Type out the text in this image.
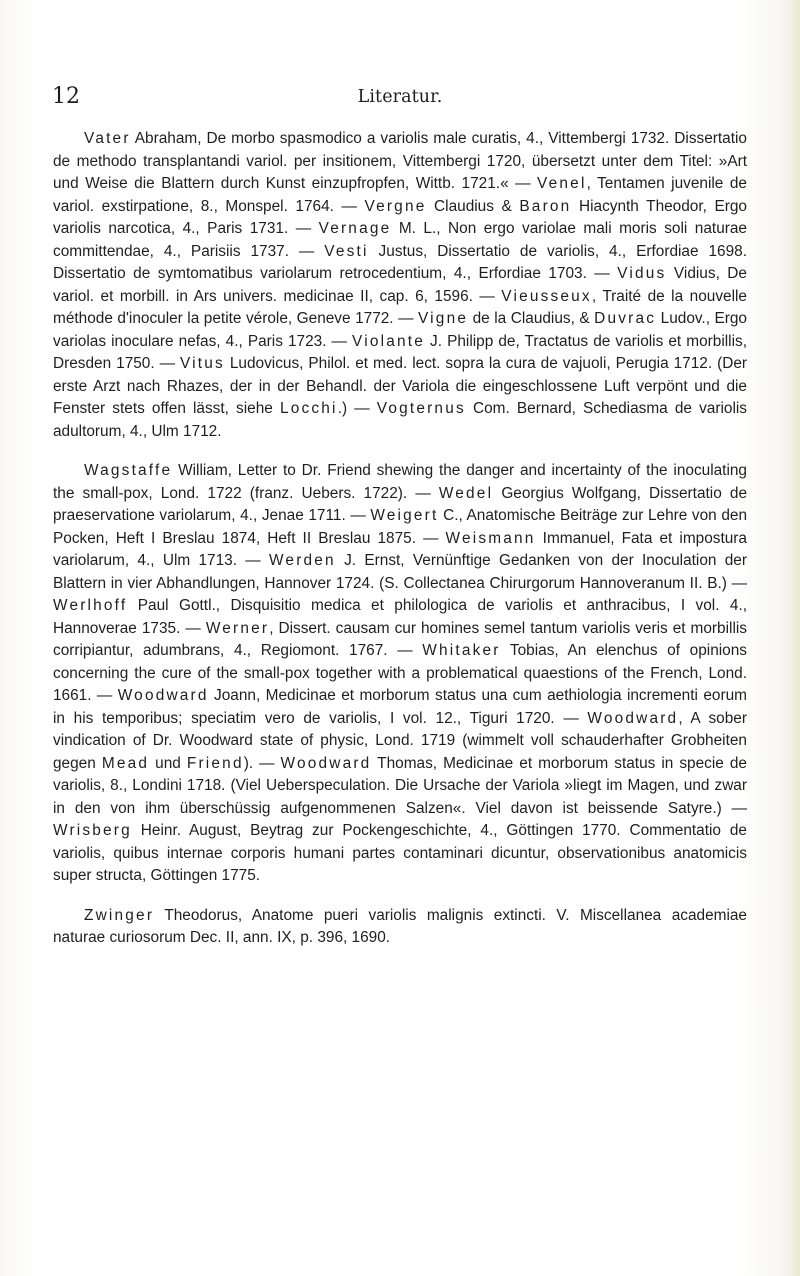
12	Literatur.

Vater Abraham, De morbo spasmodico a variolis male curatis, 4., Vittembergi 1732. Dissertatio de methodo transplantandi variol. per insitionem, Vittembergi 1720, übersetzt unter dem Titel: »Art und Weise die Blattern durch Kunst einzupfropfen, Wittb. 1721.« — Venel, Tentamen juvenile de variol. exstirpatione, 8., Monspel. 1764. — Vergne Claudius & Baron Hiacynth Theodor, Ergo variolis narcotica, 4., Paris 1731. — Vernage M. L., Non ergo variolae mali moris soli naturae committendae, 4., Parisiis 1737. — Vesti Justus, Dissertatio de variolis, 4., Erfordiae 1698. Dissertatio de symtomatibus variolarum retrocedentium, 4., Erfordiae 1703. — Vidus Vidius, De variol. et morbill. in Ars univers. medicinae II, cap. 6, 1596. — Vieusseux, Traité de la nouvelle méthode d'inoculer la petite vérole, Geneve 1772. — Vigne de la Claudius, & Duvrac Ludov., Ergo variolas inoculare nefas, 4., Paris 1723. — Violante J. Philipp de, Tractatus de variolis et morbillis, Dresden 1750. — Vitus Ludovicus, Philol. et med. lect. sopra la cura de vajuoli, Perugia 1712. (Der erste Arzt nach Rhazes, der in der Behandl. der Variola die eingeschlossene Luft verpönt und die Fenster stets offen lässt, siehe Locchi.) — Vogternus Com. Bernard, Schediasma de variolis adultorum, 4., Ulm 1712.

Wagstaffe William, Letter to Dr. Friend shewing the danger and incertainty of the inoculating the small-pox, Lond. 1722 (franz. Uebers. 1722). — Wedel Georgius Wolfgang, Dissertatio de praeservatione variolarum, 4., Jenae 1711. — Weigert C., Anatomische Beiträge zur Lehre von den Pocken, Heft I Breslau 1874, Heft II Breslau 1875. — Weismann Immanuel, Fata et impostura variolarum, 4., Ulm 1713. — Werden J. Ernst, Vernünftige Gedanken von der Inoculation der Blattern in vier Abhandlungen, Hannover 1724. (S. Collectanea Chirurgorum Hannoveranum II. B.) — Werlhoff Paul Gottl., Disquisitio medica et philologica de variolis et anthracibus, I vol. 4., Hannoverae 1735. — Werner, Dissert. causam cur homines semel tantum variolis veris et morbillis corripiantur, adumbrans, 4., Regiomont. 1767. — Whitaker Tobias, An elenchus of opinions concerning the cure of the small-pox together with a problematical quaestions of the French, Lond. 1661. — Woodward Joann, Medicinae et morborum status una cum aethiologia incrementi eorum in his temporibus; speciatim vero de variolis, I vol. 12., Tiguri 1720. — Woodward, A sober vindication of Dr. Woodward state of physic, Lond. 1719 (wimmelt voll schauderhafter Grobheiten gegen Mead und Friend). — Woodward Thomas, Medicinae et morborum status in specie de variolis, 8., Londini 1718. (Viel Ueberspeculation. Die Ursache der Variola »liegt im Magen, und zwar in den von ihm überschüssig aufgenommenen Salzen«. Viel davon ist beissende Satyre.) — Wrisberg Heinr. August, Beytrag zur Pockengeschichte, 4., Göttingen 1770. Commentatio de variolis, quibus internae corporis humani partes contaminari dicuntur, observationibus anatomicis super structa, Göttingen 1775.

Zwinger Theodorus, Anatome pueri variolis malignis extincti. V. Miscellanea academiae naturae curiosorum Dec. II, ann. IX, p. 396, 1690.
